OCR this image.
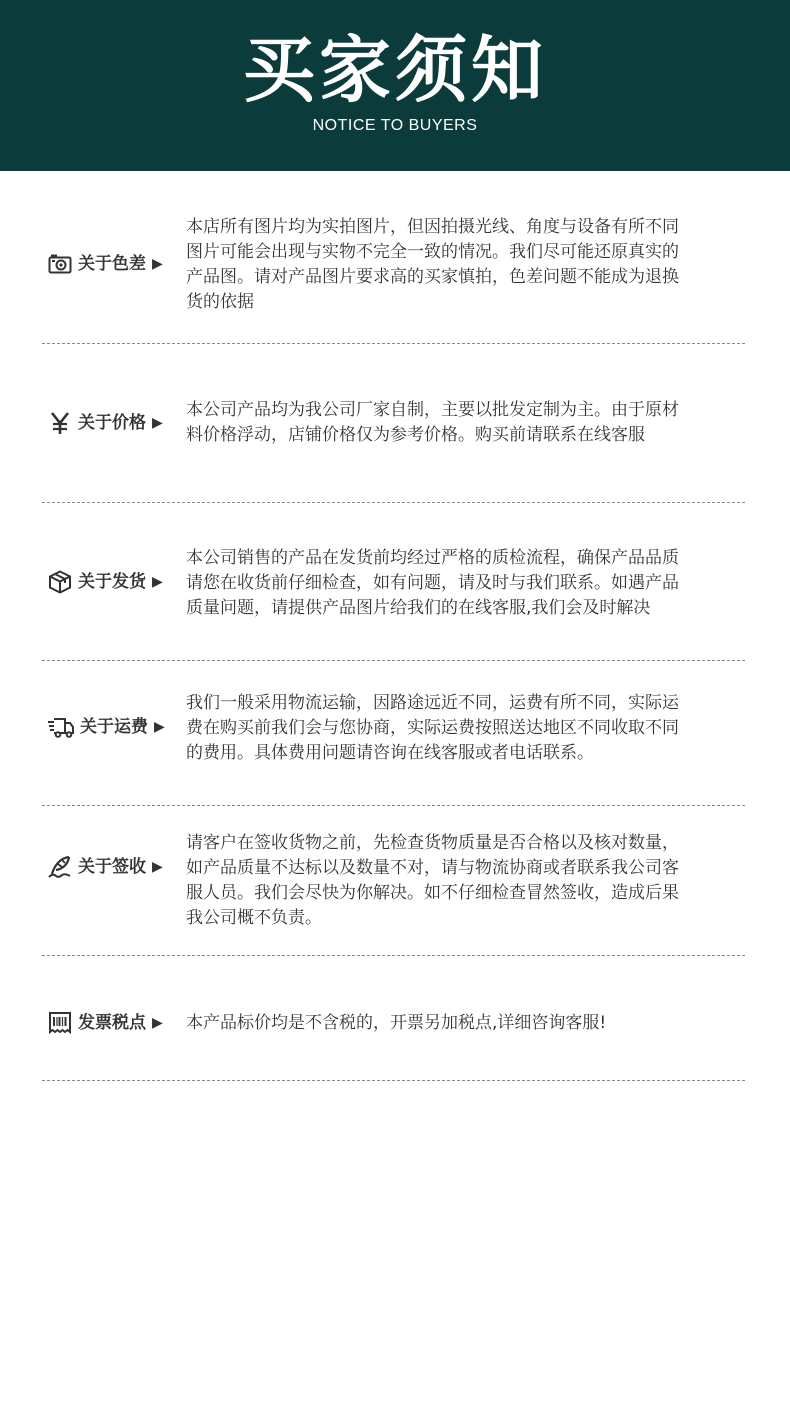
买家须知
NOTICE TO BUYERS
关于色差 ▶
本店所有图片均为实拍图片，但因拍摄光线、角度与设备有所不同
图片可能会出现与实物不完全一致的情况。我们尽可能还原真实的
产品图。请对产品图片要求高的买家慎拍，色差问题不能成为退换
货的依据
关于价格 ▶
本公司产品均为我公司厂家自制，主要以批发定制为主。由于原材
料价格浮动，店铺价格仅为参考价格。购买前请联系在线客服
关于发货 ▶
本公司销售的产品在发货前均经过严格的质检流程，确保产品品质
请您在收货前仔细检查，如有问题，请及时与我们联系。如遇产品
质量问题，请提供产品图片给我们的在线客服,我们会及时解决
关于运费 ▶
我们一般采用物流运输，因路途远近不同，运费有所不同，实际运
费在购买前我们会与您协商，实际运费按照送达地区不同收取不同
的费用。具体费用问题请咨询在线客服或者电话联系。
关于签收 ▶
请客户在签收货物之前，先检查货物质量是否合格以及核对数量，
如产品质量不达标以及数量不对，请与物流协商或者联系我公司客
服人员。我们会尽快为你解决。如不仔细检查冒然签收，造成后果
我公司概不负责。
发票税点 ▶ 本产品标价均是不含税的，开票另加税点,详细咨询客服!
